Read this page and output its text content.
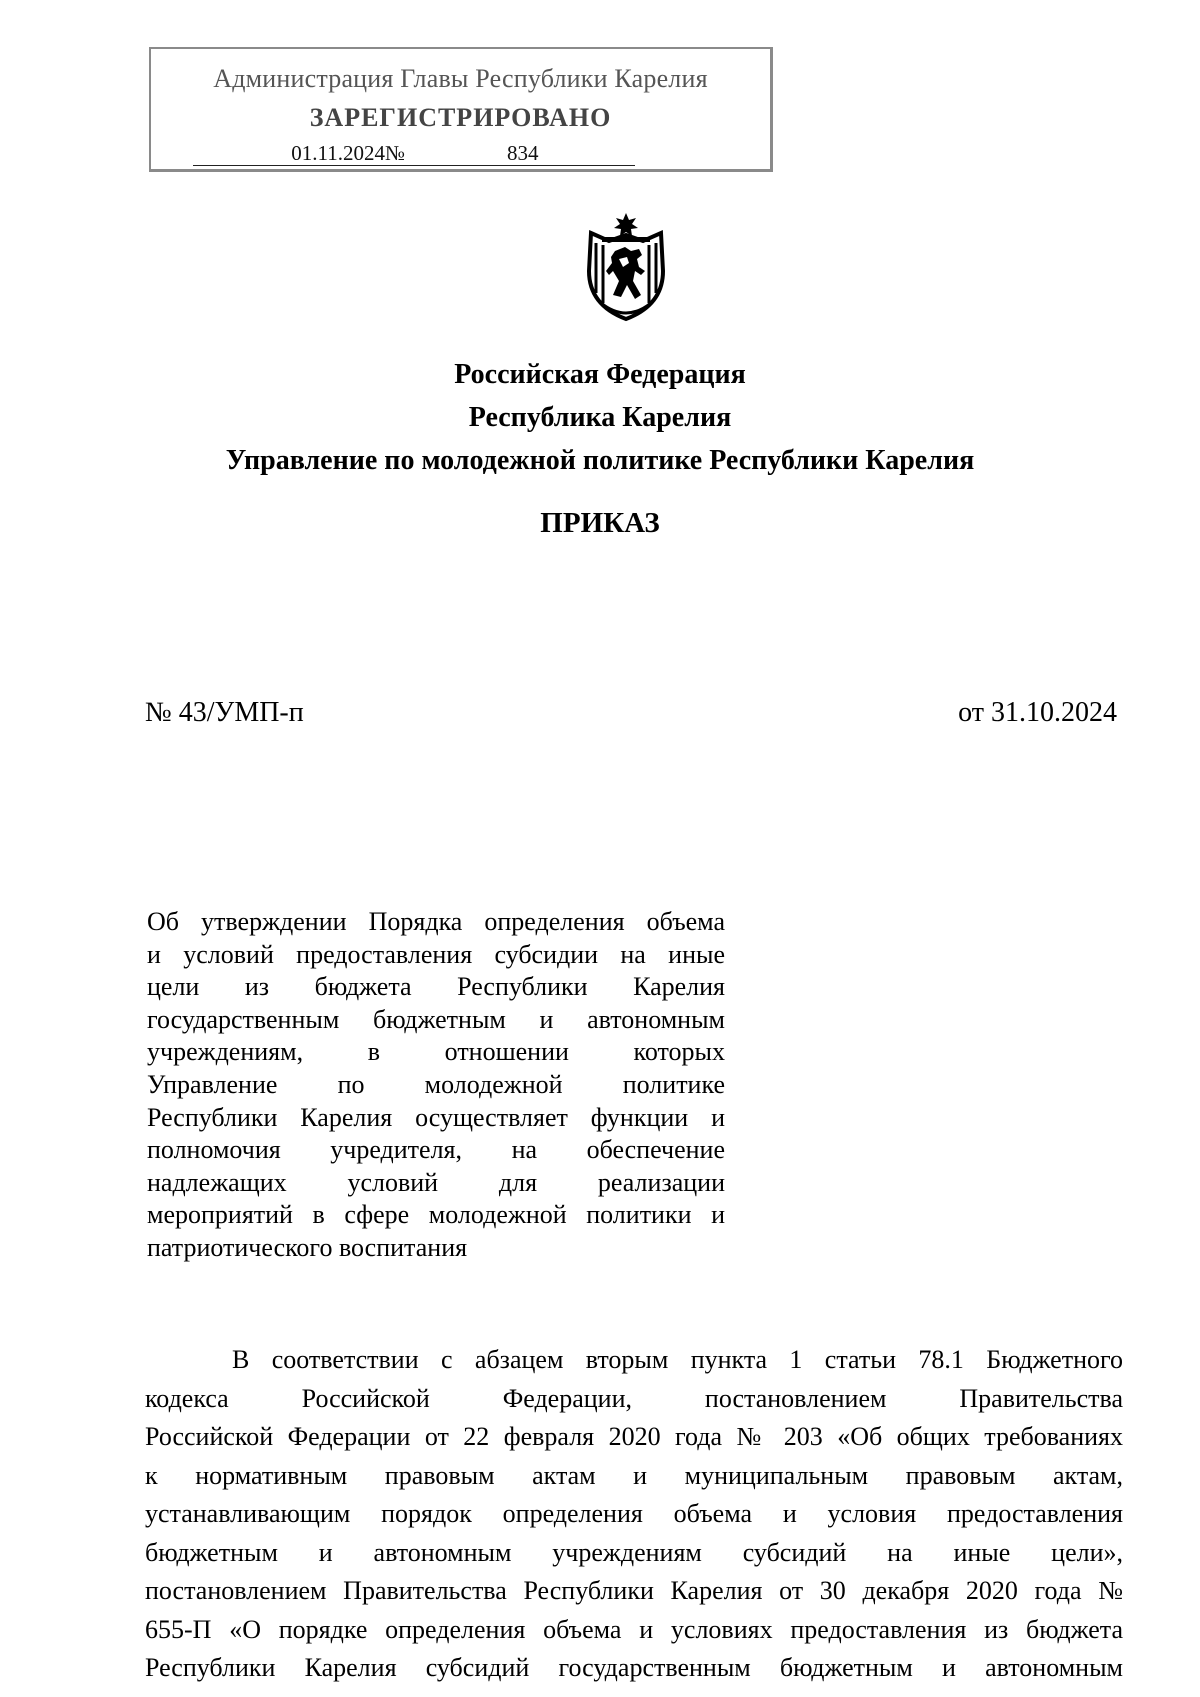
Администрация Главы Республики Карелия
ЗАРЕГИСТРИРОВАНО
01.11.2024№	834
Российская Федерация
Республика Карелия
Управление по молодежной политике Республики Карелия
ПРИКАЗ
№ 43/УМП-п	от 31.10.2024
Об утверждении Порядка определения объема
и условий предоставления субсидии на иные
цели из бюджета Республики Карелия
государственным бюджетным и автономным
учреждениям, в отношении которых
Управление по молодежной политике
Республики Карелия осуществляет функции и
полномочия учредителя, на обеспечение
надлежащих условий для реализации
мероприятий в сфере молодежной политики и
патриотического воспитания
В соответствии с абзацем вторым пункта 1 статьи 78.1 Бюджетного
кодекса Российской Федерации, постановлением Правительства
Российской Федерации от 22 февраля 2020 года № 203 «Об общих требованиях
к нормативным правовым актам и муниципальным правовым актам,
устанавливающим порядок определения объема и условия предоставления
бюджетным и автономным учреждениям субсидий на иные цели»,
постановлением Правительства Республики Карелия от 30 декабря 2020 года №
655-П «О порядке определения объема и условиях предоставления из бюджета
Республики Карелия субсидий государственным бюджетным и автономным
